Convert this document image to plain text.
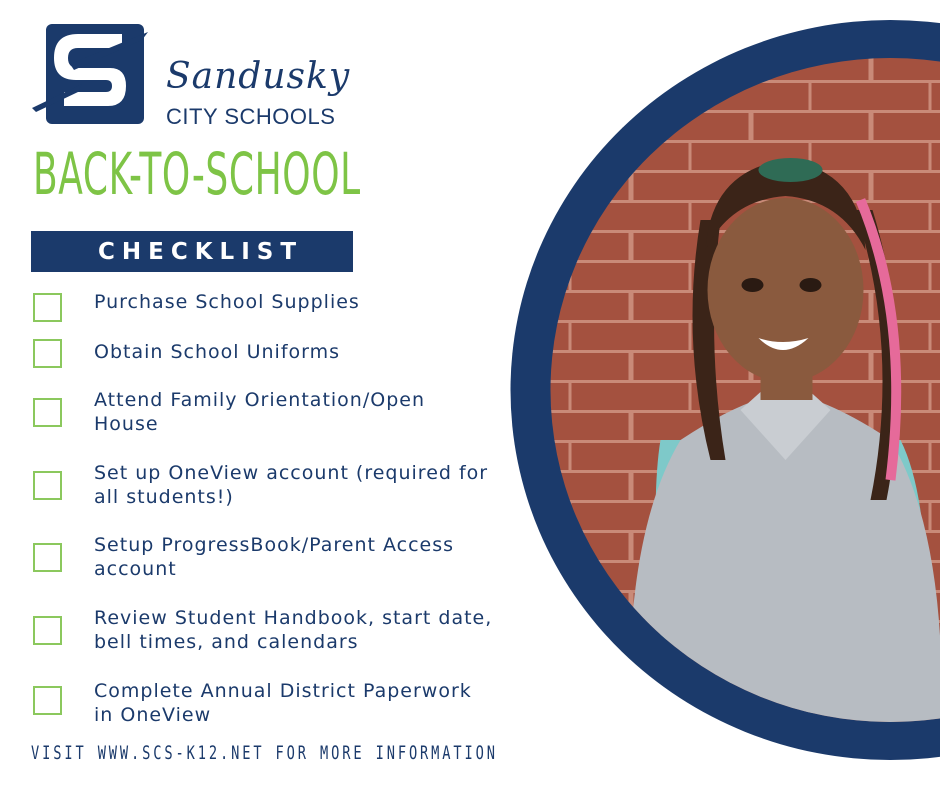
Sandusky
CITY SCHOOLS
BACK-TO-SCHOOL
CHECKLIST
Purchase School Supplies
Obtain School Uniforms
Attend Family Orientation/Open House
Set up OneView account (required for all students!)
Setup ProgressBook/Parent Access account
Review Student Handbook, start date, bell times, and calendars
Complete Annual District Paperwork in OneView
VISIT WWW.SCS-K12.NET FOR MORE INFORMATION
